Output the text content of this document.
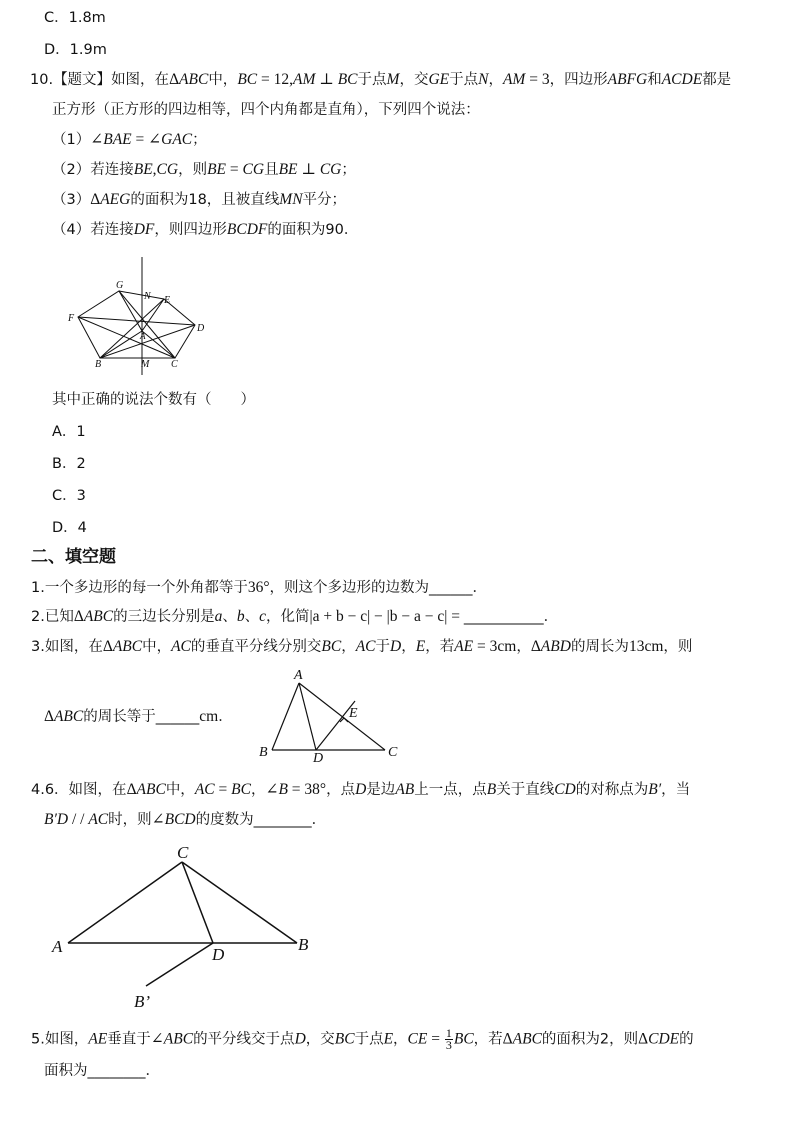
C．1.8m
D．1.9m
10.【题文】如图，在ΔABC中，BC = 12,AM ⊥ BC于点M，交GE于点N，AM = 3，四边形ABFG和ACDE都是
正方形（正方形的四边相等，四个内角都是直角），下列四个说法：
（1）∠BAE = ∠GAC；
（2）若连接BE,CG，则BE = CG且BE ⊥ CG；
（3）ΔAEG的面积为18，且被直线MN平分；
（4）若连接DF，则四边形BCDF的面积为90．
G
N E
F
D
A
B	M C
其中正确的说法个数有（　　）
A．1
B．2
C．3
D．4
二、填空题
1.一个多边形的每一个外角都等于36°，则这个多边形的边数为______．
2.已知ΔABC的三边长分别是a、b、c，化简|a + b − c| − |b − a − c| = ___________．
3.如图，在ΔABC中，AC的垂直平分线分别交BC，AC于D，E，若AE = 3cm，ΔABD的周长为13cm，则
ΔABC的周长等于______cm．
A
E
B	D	C
4.6．如图，在ΔABC中，AC = BC，∠B = 38°，点D是边AB上一点，点B关于直线CD的对称点为B′，当
B′D / / AC时，则∠BCD的度数为________．
C
A	D
B
B’
5.如图，AE垂直于∠ABC的平分线交于点D，交BC于点E，CE = $\frac{1}{3}$ BC，若ΔABC的面积为2，则ΔCDE的
面积为________．
